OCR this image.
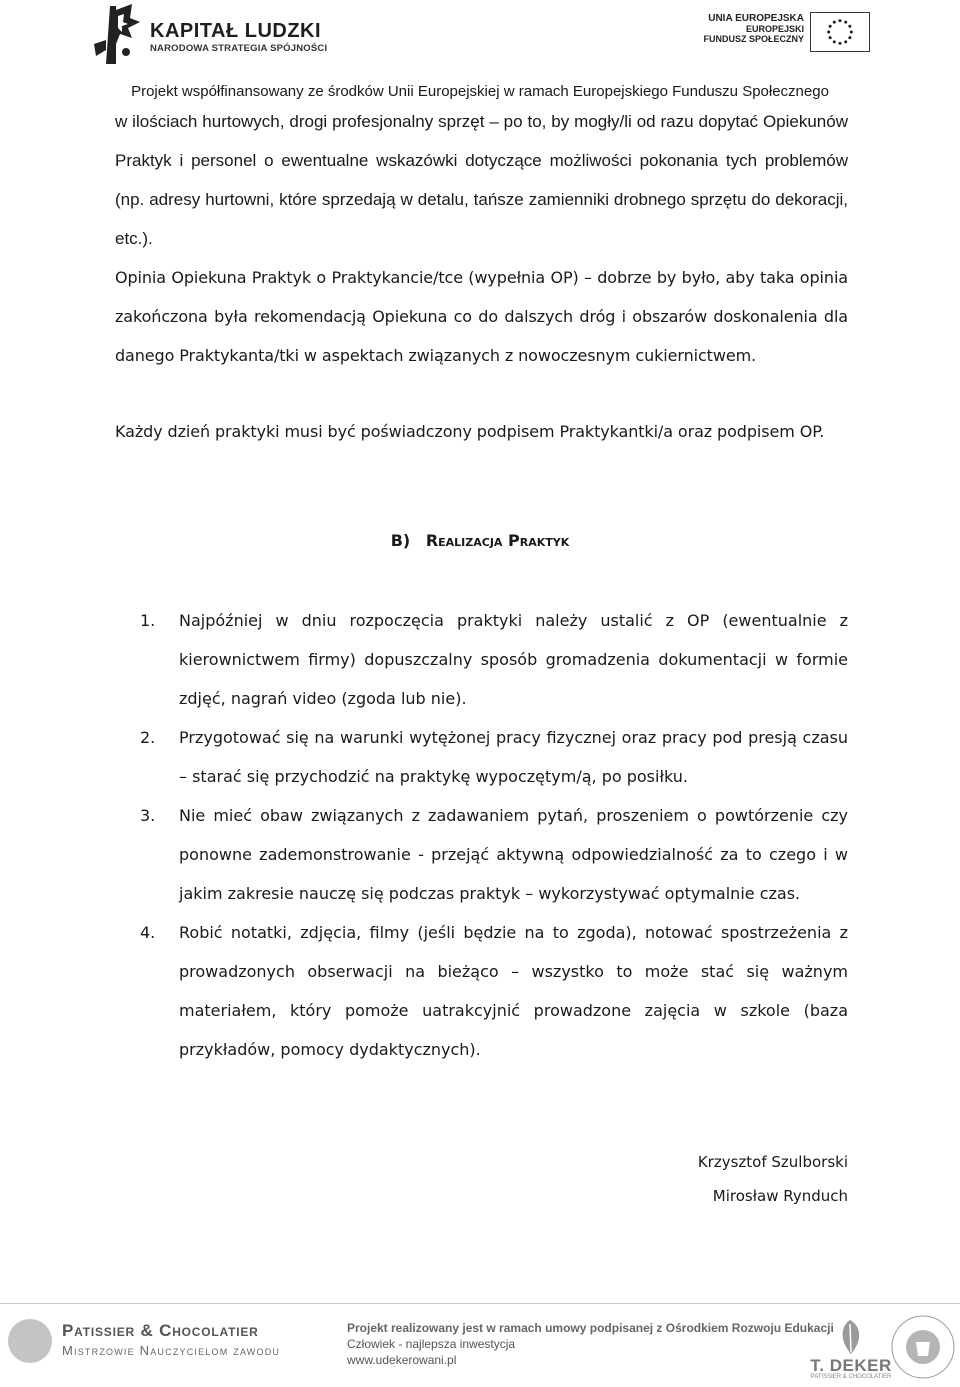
KAPITAŁ LUDZKI
NARODOWA STRATEGIA SPÓJNOŚCI
UNIA EUROPEJSKA
EUROPEJSKI
FUNDUSZ SPOŁECZNY
Projekt współfinansowany ze środków Unii Europejskiej w ramach Europejskiego Funduszu Społecznego
w ilościach hurtowych, drogi profesjonalny sprzęt – po to, by mogły/li od razu dopytać Opiekunów Praktyk i personel o ewentualne wskazówki dotyczące możliwości pokonania tych problemów (np. adresy hurtowni, które sprzedają w detalu, tańsze zamienniki drobnego sprzętu do dekoracji, etc.).
Opinia Opiekuna Praktyk o Praktykancie/tce (wypełnia OP) – dobrze by było, aby taka opinia zakończona była rekomendacją Opiekuna co do dalszych dróg i obszarów doskonalenia dla danego Praktykanta/tki w aspektach związanych z nowoczesnym cukiernictwem.
Każdy dzień praktyki musi być poświadczony podpisem Praktykantki/a oraz podpisem OP.
B) Realizacja Praktyk
1. Najpóźniej w dniu rozpoczęcia praktyki należy ustalić z OP (ewentualnie z kierownictwem firmy) dopuszczalny sposób gromadzenia dokumentacji w formie zdjęć, nagrań video (zgoda lub nie).
2. Przygotować się na warunki wytężonej pracy fizycznej oraz pracy pod presją czasu – starać się przychodzić na praktykę wypoczętym/ą, po posiłku.
3. Nie mieć obaw związanych z zadawaniem pytań, proszeniem o powtórzenie czy ponowne zademonstrowanie - przejąć aktywną odpowiedzialność za to czego i w jakim zakresie nauczę się podczas praktyk – wykorzystywać optymalnie czas.
4. Robić notatki, zdjęcia, filmy (jeśli będzie na to zgoda), notować spostrzeżenia z prowadzonych obserwacji na bieżąco – wszystko to może stać się ważnym materiałem, który pomoże uatrakcyjnić prowadzone zajęcia w szkole (baza przykładów, pomocy dydaktycznych).
Krzysztof Szulborski
Mirosław Rynduch
Patissier & Chocolatier
Mistrzowie Nauczycielom zawodu
Projekt realizowany jest w ramach umowy podpisanej z Ośrodkiem Rozwoju Edukacji
Człowiek - najlepsza inwestycja
www.udekerowani.pl	T. DEKER
PATISSIER & CHOCOLATIER
